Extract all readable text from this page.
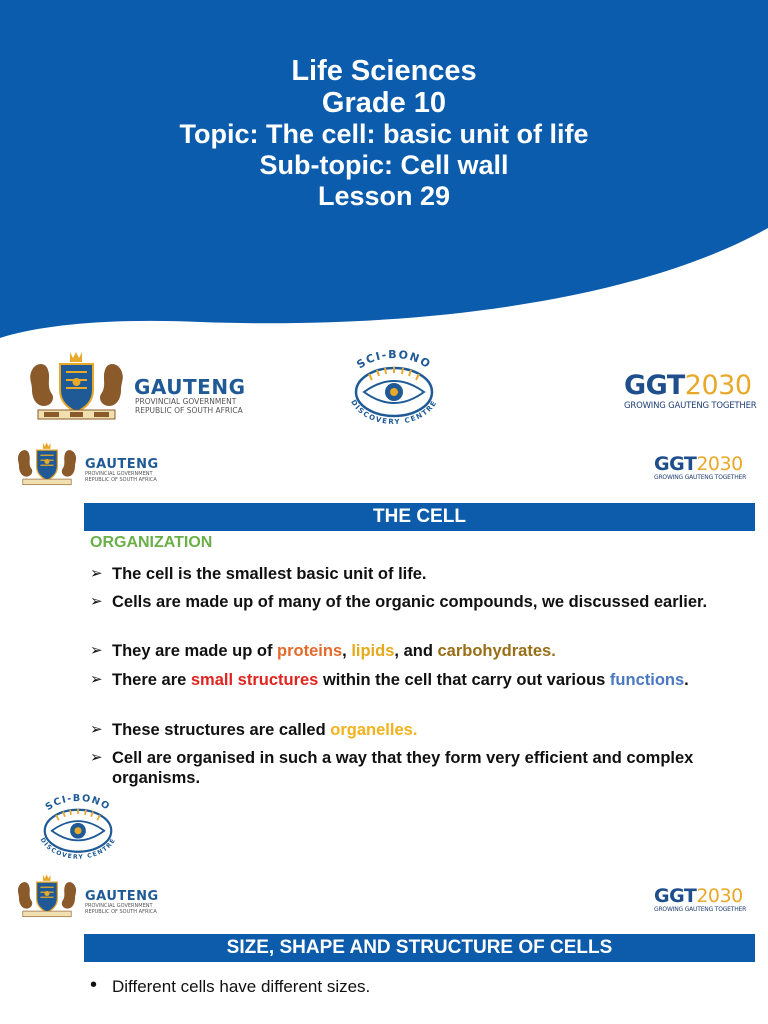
Life Sciences
Grade 10
Topic: The cell: basic unit of life
Sub-topic: Cell wall
Lesson 29
GAUTENG
PROVINCIAL GOVERNMENT
REPUBLIC OF SOUTH AFRICA
SCI-BONO
DISCOVERY CENTRE
GGT2030
GROWING GAUTENG TOGETHER
GAUTENG
PROVINCIAL GOVERNMENT
REPUBLIC OF SOUTH AFRICA
GGT2030
GROWING GAUTENG TOGETHER
THE CELL
ORGANIZATION
➢ The cell is the smallest basic unit of life.
➢ Cells are made up of many of the organic compounds, we discussed earlier.
➢ They are made up of proteins, lipids, and carbohydrates.
➢ There are small structures within the cell that carry out various functions.
➢ These structures are called organelles.
➢ Cell are organised in such a way that they form very efficient and complex organisms.
SCI-BONO
DISCOVERY CENTRE
GAUTENG
PROVINCIAL GOVERNMENT
REPUBLIC OF SOUTH AFRICA
GGT2030
GROWING GAUTENG TOGETHER
SIZE, SHAPE AND STRUCTURE OF CELLS
• Different cells have different sizes.
